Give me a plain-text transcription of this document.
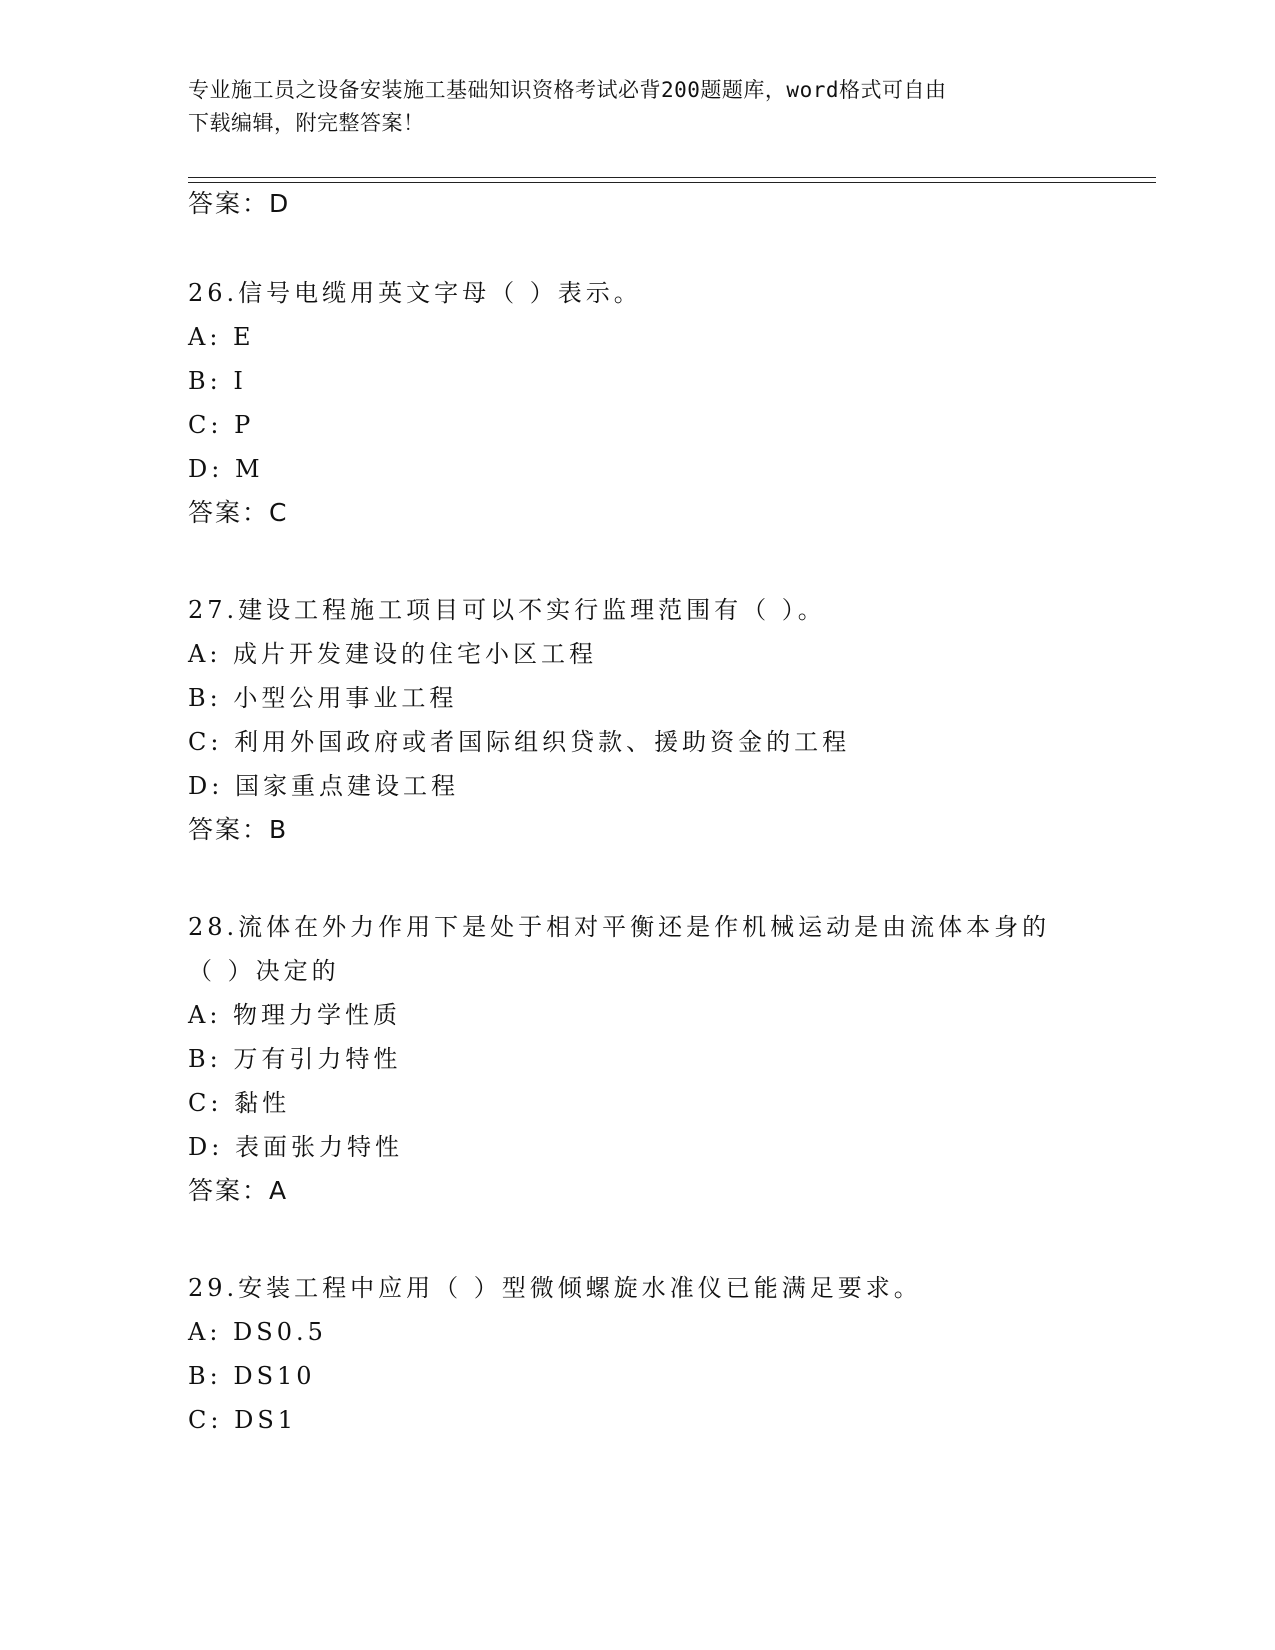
专业施工员之设备安装施工基础知识资格考试必背200题题库，word格式可自由
下载编辑，附完整答案！
答案：D
26.信号电缆用英文字母（ ）表示。
A: E
B: I
C: P
D: M
答案：C
27.建设工程施工项目可以不实行监理范围有（ ）。
A: 成片开发建设的住宅小区工程
B: 小型公用事业工程
C: 利用外国政府或者国际组织贷款、援助资金的工程
D: 国家重点建设工程
答案：B
28.流体在外力作用下是处于相对平衡还是作机械运动是由流体本身的
（ ）决定的
A: 物理力学性质
B: 万有引力特性
C: 黏性
D: 表面张力特性
答案：A
29.安装工程中应用（ ）型微倾螺旋水准仪已能满足要求。
A: DS0.5
B: DS10
C: DS1
